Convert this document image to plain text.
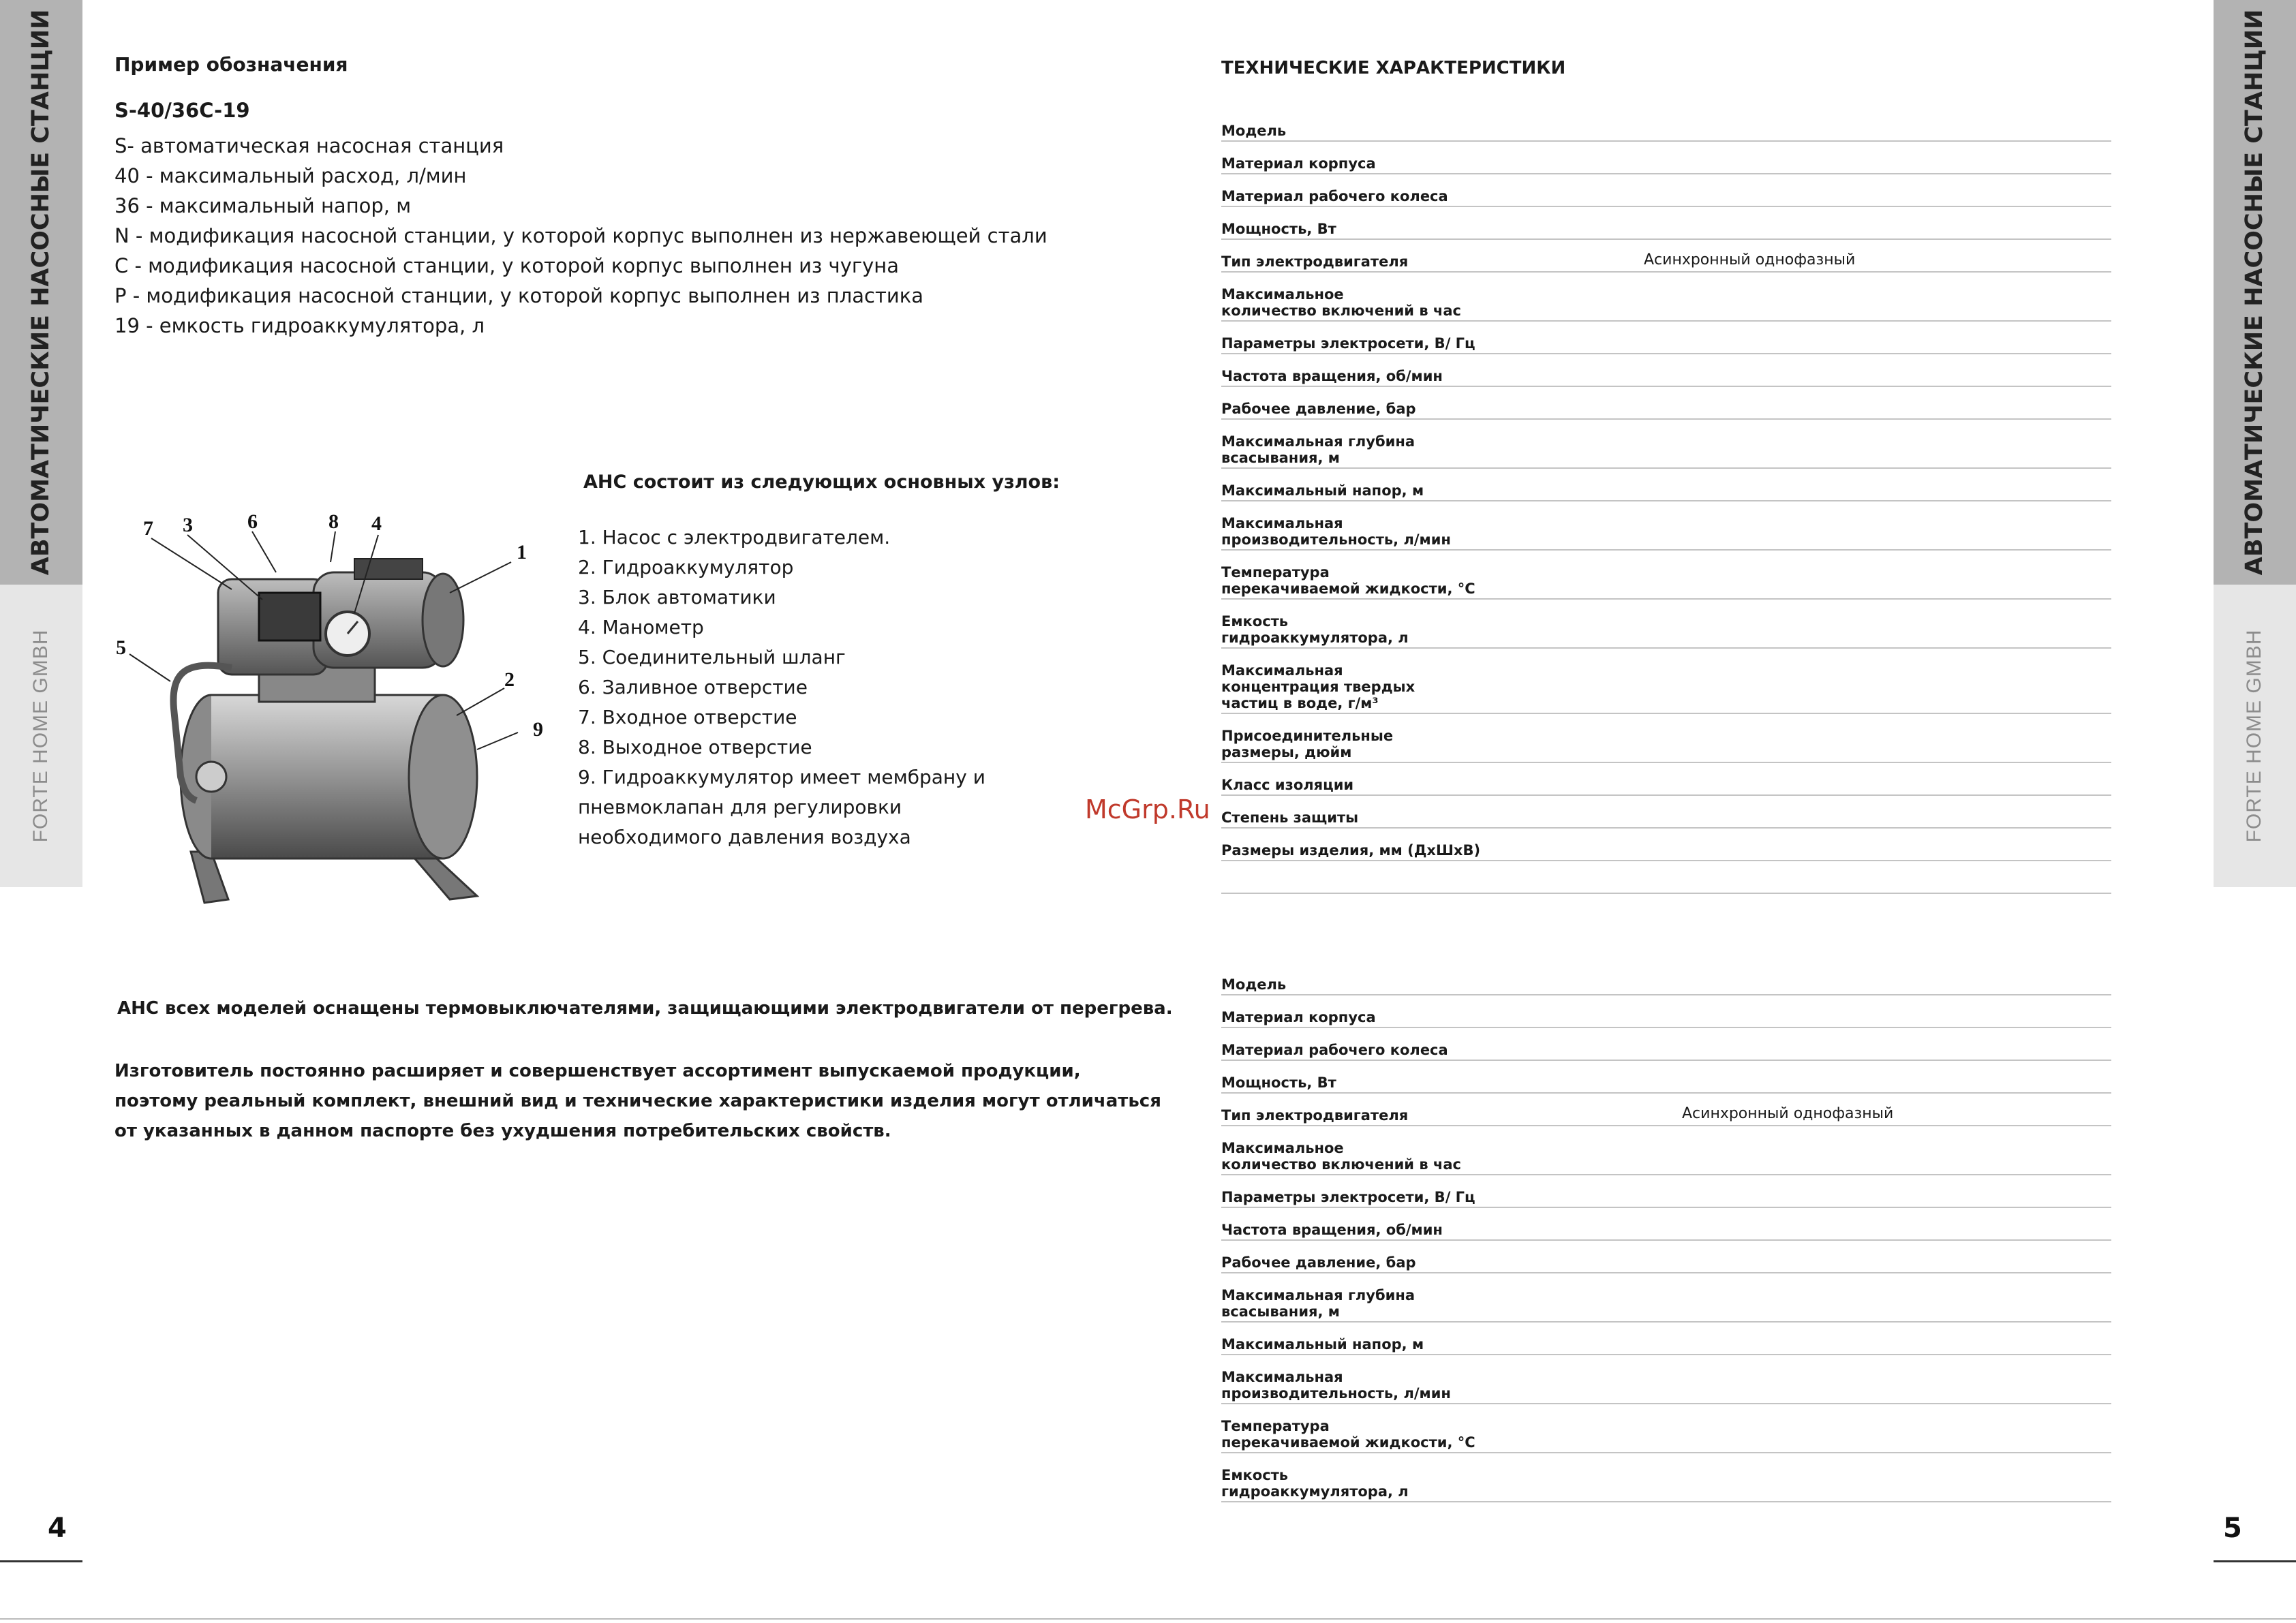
АВТОМАТИЧЕСКИЕ НАСОСНЫЕ СТАНЦИИ
FORTE HOME GMBH
АВТОМАТИЧЕСКИЕ НАСОСНЫЕ СТАНЦИИ
FORTE HOME GMBH
4	5
Пример обозначения
S-40/36C-19
S- автоматическая насосная станция
40 - максимальный расход, л/мин
36 - максимальный напор, м
N - модификация насосной станции, у которой корпус выполнен из нержавеющей стали
C - модификация насосной станции, у которой корпус выполнен из чугуна
P - модификация насосной станции, у которой корпус выполнен из пластика
19 - емкость гидроаккумулятора, л
1
2
3	4
5
6
7	8
9
АНС состоит из следующих основных узлов:
1. Насос с электродвигателем.
2. Гидроаккумулятор
3. Блок автоматики
4. Манометр
5. Соединительный шланг
6. Заливное отверстие
7. Входное отверстие
8. Выходное отверстие
9. Гидроаккумулятор имеет мембрану и пневмоклапан для регулировки необходимого давления воздуха
АНС всех моделей оснащены термовыключателями, защищающими электродвигатели от перегрева.
Изготовитель постоянно расширяет и совершенствует ассортимент выпускаемой продукции,
поэтому реальный комплект, внешний вид и технические характеристики изделия могут отличаться
от указанных в данном паспорте без ухудшения потребительских свойств.
ТЕХНИЧЕСКИЕ ХАРАКТЕРИСТИКИ
Модель
Материал корпуса
Материал рабочего колеса
Мощность, Вт
Тип электродвигателя	Асинхронный однофазный
Максимальное
количество включений в час
Параметры электросети, В/ Гц
Частота вращения, об/мин
Рабочее давление, бар
Максимальная глубина
всасывания, м
Максимальный напор, м
Максимальная
производительность, л/мин
Температура
перекачиваемой жидкости, °С
Емкость
гидроаккумулятора, л
Максимальная
концентрация твердых
частиц в воде, г/м³
Присоединительные
размеры, дюйм
Класс изоляции
Степень защиты
Размеры изделия, мм (ДхШхВ)
Модель
Материал корпуса
Материал рабочего колеса
Мощность, Вт
Тип электродвигателя	Асинхронный однофазный
Максимальное
количество включений в час
Параметры электросети, В/ Гц
Частота вращения, об/мин
Рабочее давление, бар
Максимальная глубина
всасывания, м
Максимальный напор, м
Максимальная
производительность, л/мин
Температура
перекачиваемой жидкости, °С
Емкость
гидроаккумулятора, л
McGrp.Ru
